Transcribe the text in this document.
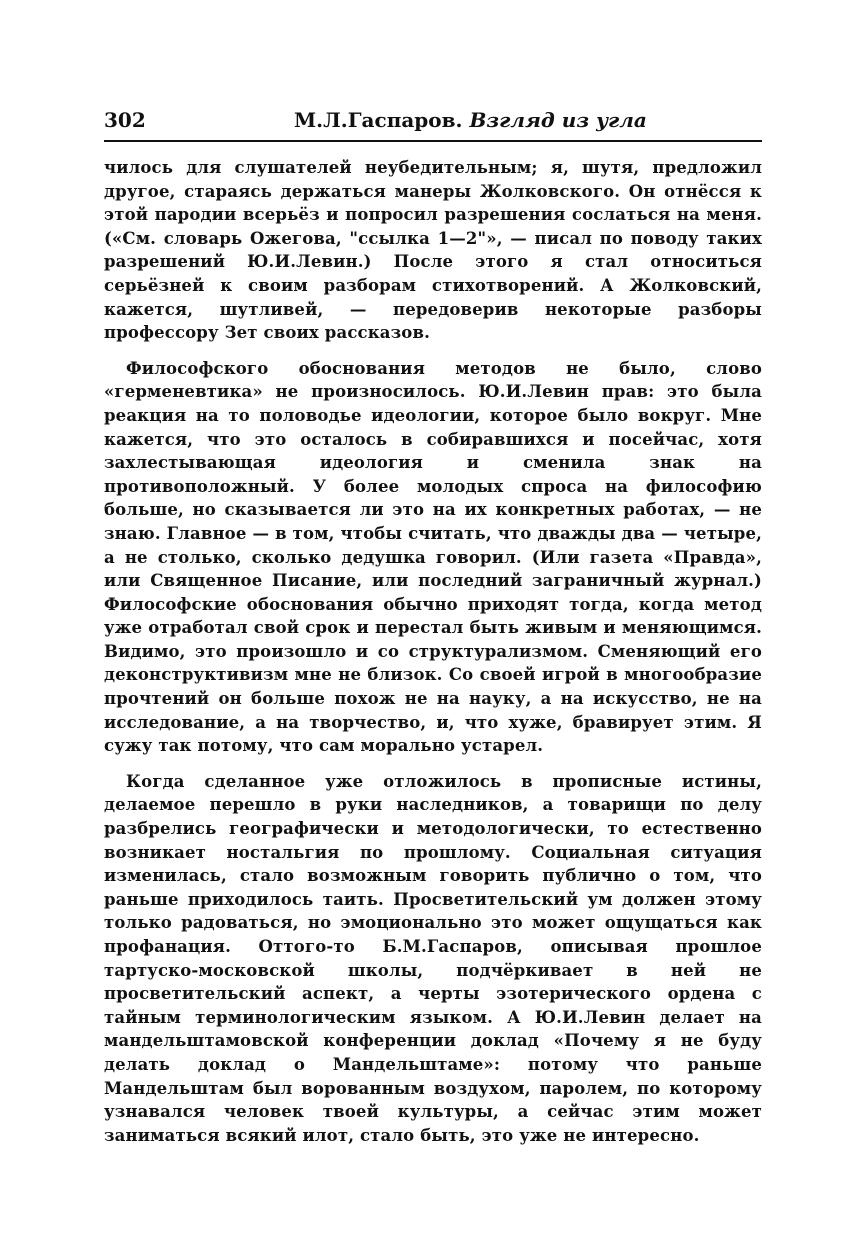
302	М.Л.Гаспаров. Взгляд из угла

чилось для слушателей неубедительным; я, шутя, предложил другое, стараясь держаться манеры Жолковского. Он отнёсся к этой пародии всерьёз и попросил разрешения сослаться на меня. («См. словарь Ожегова, "ссылка 1—2"», — писал по поводу таких разрешений Ю.И.Левин.) После этого я стал относиться серьёзней к своим разборам стихотворений. А Жолковский, кажется, шутливей, — передоверив некоторые разборы профессору Зет своих рассказов.

Философского обоснования методов не было, слово «герменевтика» не произносилось. Ю.И.Левин прав: это была реакция на то половодье идеологии, которое было вокруг. Мне кажется, что это осталось в собиравшихся и посейчас, хотя захлестывающая идеология и сменила знак на противоположный. У более молодых спроса на философию больше, но сказывается ли это на их конкретных работах, — не знаю. Главное — в том, чтобы считать, что дважды два — четыре, а не столько, сколько дедушка говорил. (Или газета «Правда», или Священное Писание, или последний заграничный журнал.) Философские обоснования обычно приходят тогда, когда метод уже отработал свой срок и перестал быть живым и меняющимся. Видимо, это произошло и со структурализмом. Сменяющий его деконструктивизм мне не близок. Со своей игрой в многообразие прочтений он больше похож не на науку, а на искусство, не на исследование, а на творчество, и, что хуже, бравирует этим. Я сужу так потому, что сам морально устарел.

Когда сделанное уже отложилось в прописные истины, делаемое перешло в руки наследников, а товарищи по делу разбрелись географически и методологически, то естественно возникает ностальгия по прошлому. Социальная ситуация изменилась, стало возможным говорить публично о том, что раньше приходилось таить. Просветительский ум должен этому только радоваться, но эмоционально это может ощущаться как профанация. Оттого-то Б.М.Гаспаров, описывая прошлое тартуско-московской школы, подчёркивает в ней не просветительский аспект, а черты эзотерического ордена с тайным терминологическим языком. А Ю.И.Левин делает на мандельштамовской конференции доклад «Почему я не буду делать доклад о Мандельштаме»: потому что раньше Мандельштам был ворованным воздухом, паролем, по которому узнавался человек твоей культуры, а сейчас этим может заниматься всякий илот, стало быть, это уже не интересно.
